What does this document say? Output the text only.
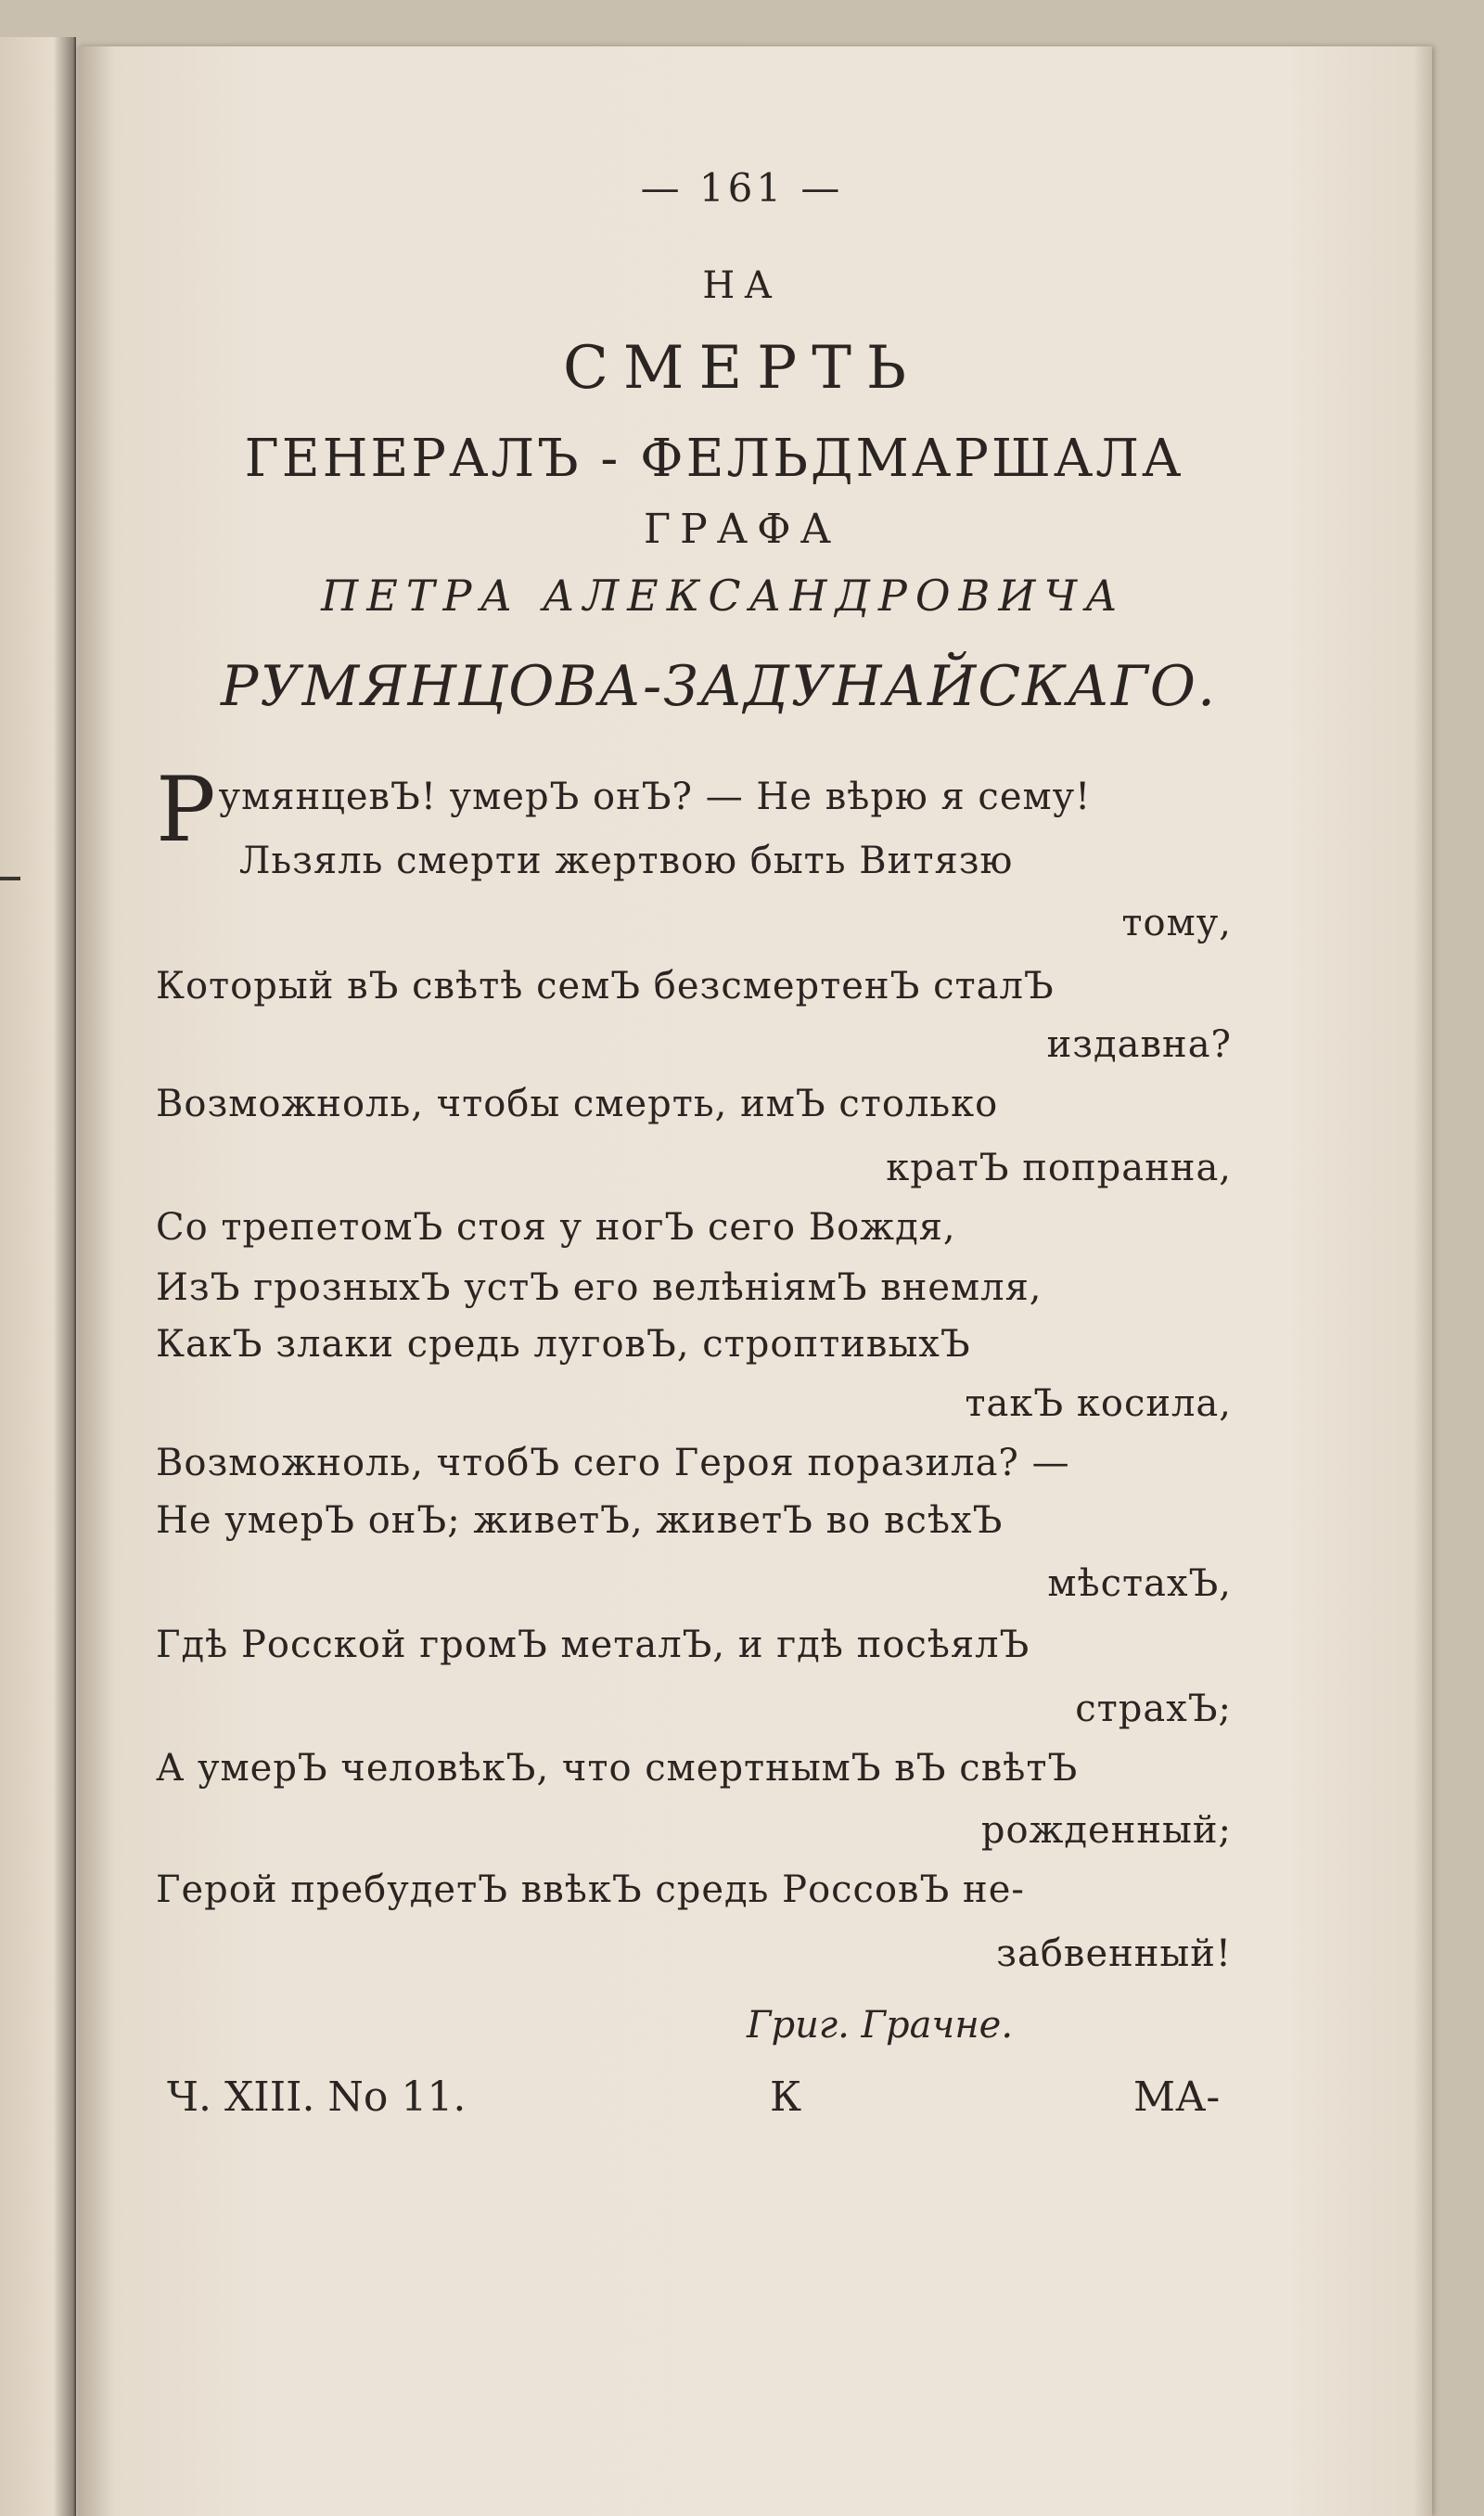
— 161 —
НА
СМЕРТЬ
ГЕНЕРАЛЪ - ФЕЛЬДМАРШАЛА
ГРАФА
ПЕТРА АЛЕКСАНДРОВИЧА
РУМЯНЦОВА-ЗАДУНАЙСКАГО.
РумянцевЪ! умерЪ онЪ? — Не вѣрю я сему!
Льзяль смерти жертвою быть Витязю
тому,
Который вЪ свѣтѣ семЪ безсмертенЪ сталЪ
издавна?
Возможноль, чтобы смерть, имЪ столько
кратЪ попранна,
Со трепетомЪ стоя у ногЪ сего Вождя,
ИзЪ грозныхЪ устЪ его велѣніямЪ внемля,
КакЪ злаки средь луговЪ, строптивыхЪ
такЪ косила,
Возможноль, чтобЪ сего Героя поразила? —
Не умерЪ онЪ; живетЪ, живетЪ во всѣхЪ
мѣстахЪ,
Гдѣ Росской громЪ металЪ, и гдѣ посѣялЪ
страхЪ;
А умерЪ человѣкЪ, что смертнымЪ вЪ свѣтЪ
рожденный;
Герой пребудетЪ ввѣкЪ средь РоссовЪ не-
забвенный!
Григ. Грачне.
Ч. XIII. No 11.	К	МА-
